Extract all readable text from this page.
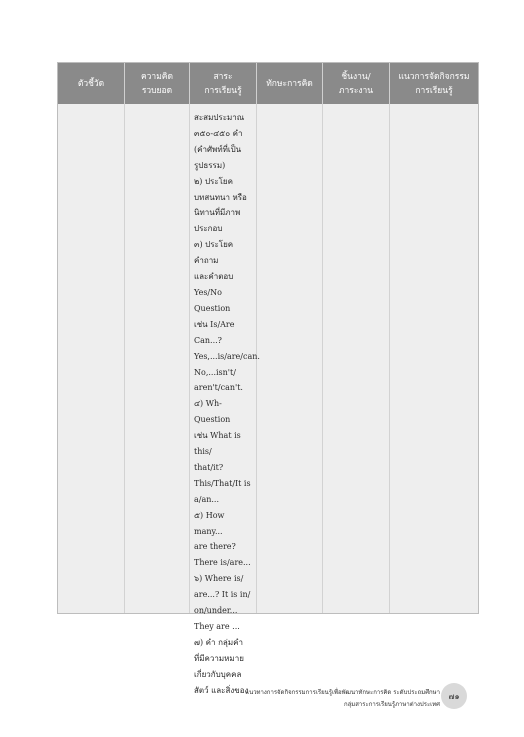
ตัวชี้วัด
ความคิด
รวบยอด
สาระ
การเรียนรู้
ทักษะการคิด
ชิ้นงาน/
ภาระงาน
แนวการจัดกิจกรรม
การเรียนรู้
สะสมประมาณ
๓๕๐-๔๕๐ คำ
(คำศัพท์ที่เป็น
รูปธรรม)
๒) ประโยค
บทสนทนา หรือ
นิทานที่มีภาพ
ประกอบ
๓) ประโยคคำถาม
และคำตอบ
Yes/No Question
เช่น Is/Are Can...?
Yes,...is/are/can.
No,...isn't/
aren't/can't.
๔) Wh-Question
เช่น What is this/
that/it?
This/That/It is
a/an...
๕) How many...
are there?
There is/are...
๖) Where is/
are...? It is in/
on/under...
They are ...
๗) คำ กลุ่มคำ
ที่มีความหมาย
เกี่ยวกับบุคคล
สัตว์ และสิ่งของ
แนวทางการจัดกิจกรรมการเรียนรู้เพื่อพัฒนาทักษะการคิด ระดับประถมศึกษา
กลุ่มสาระการเรียนรู้ภาษาต่างประเทศ
๗๑
